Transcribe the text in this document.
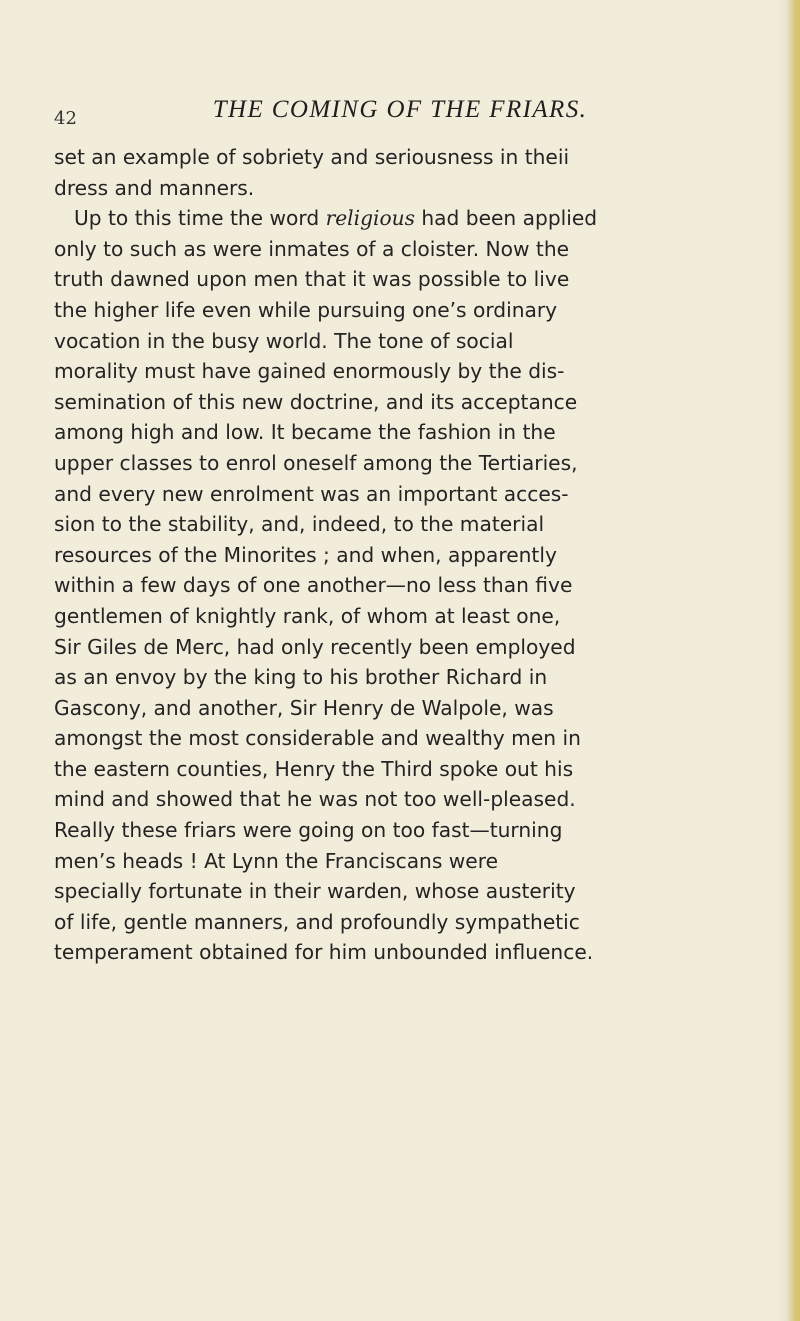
42	THE COMING OF THE FRIARS.
set an example of sobriety and seriousness in theii
dress and manners.
Up to this time the word religious had been applied
only to such as were inmates of a cloister. Now the
truth dawned upon men that it was possible to live
the higher life even while pursuing one’s ordinary
vocation in the busy world. The tone of social
morality must have gained enormously by the dis-
semination of this new doctrine, and its acceptance
among high and low. It became the fashion in the
upper classes to enrol oneself among the Tertiaries,
and every new enrolment was an important acces-
sion to the stability, and, indeed, to the material
resources of the Minorites ; and when, apparently
within a few days of one another—no less than five
gentlemen of knightly rank, of whom at least one,
Sir Giles de Merc, had only recently been employed
as an envoy by the king to his brother Richard in
Gascony, and another, Sir Henry de Walpole, was
amongst the most considerable and wealthy men in
the eastern counties, Henry the Third spoke out his
mind and showed that he was not too well-pleased.
Really these friars were going on too fast—turning
men’s heads ! At Lynn the Franciscans were
specially fortunate in their warden, whose austerity
of life, gentle manners, and profoundly sympathetic
temperament obtained for him unbounded influence.
